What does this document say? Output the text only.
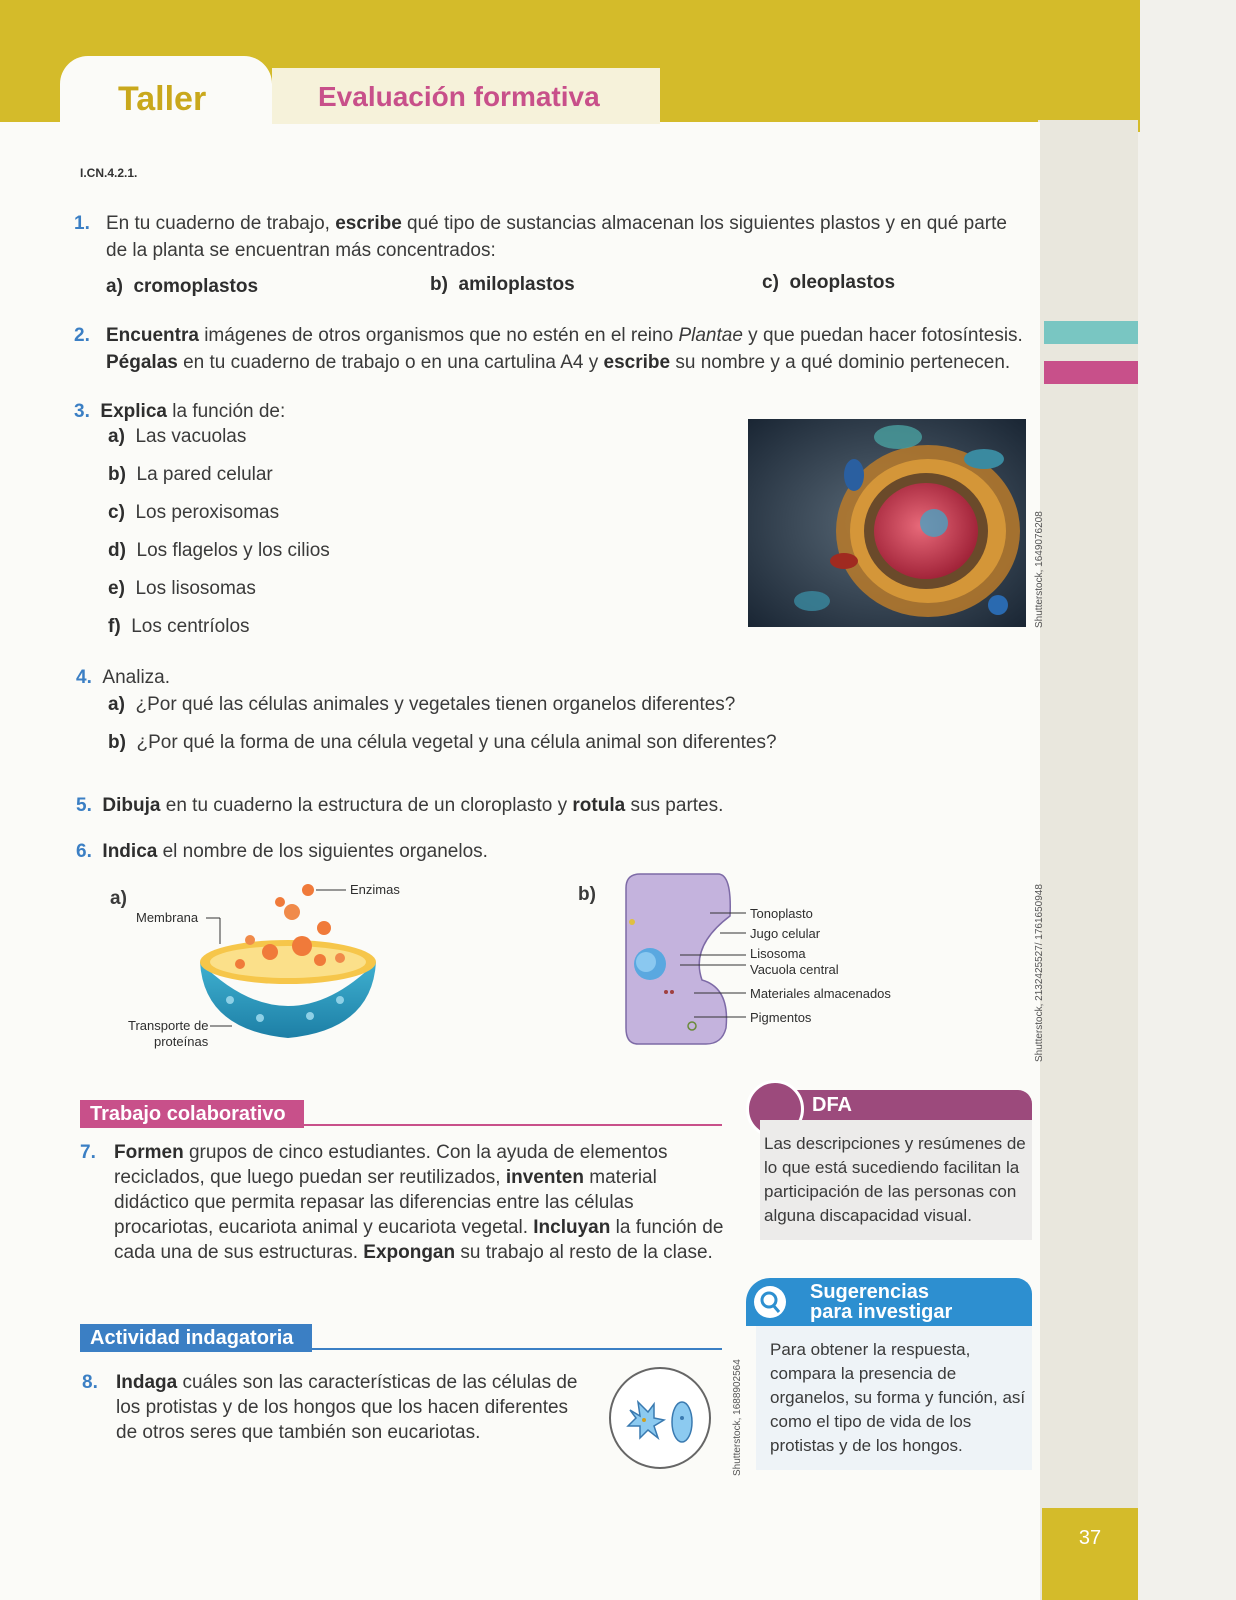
37
Taller	Evaluación formativa
I.CN.4.2.1.
1. En tu cuaderno de trabajo, escribe qué tipo de sustancias almacenan los siguientes plastos y en qué parte de la planta se encuentran más concentrados:
a) cromoplastos	b) amiloplastos	c) oleoplastos
2. Encuentra imágenes de otros organismos que no estén en el reino Plantae y que puedan hacer fotosíntesis. Pégalas en tu cuaderno de trabajo o en una cartulina A4 y escribe su nombre y a qué dominio pertenecen.
3. Explica la función de:
a) Las vacuolas
b) La pared celular
c) Los peroxisomas
d) Los flagelos y los cilios
e) Los lisosomas
f) Los centríolos	Shutterstock, 1649076208
4. Analiza.
a) ¿Por qué las células animales y vegetales tienen organelos diferentes?
b) ¿Por qué la forma de una célula vegetal y una célula animal son diferentes?
5. Dibuja en tu cuaderno la estructura de un cloroplasto y rotula sus partes.
6. Indica el nombre de los siguientes organelos.
a)	b)
Enzimas
Membrana
Transporte de
proteínas
Tonoplasto
Jugo celular
Lisosoma
Vacuola central
Materiales almacenados
Pigmentos	Shutterstock, 2132425527/ 1761650948
Trabajo colaborativo
7. Formen grupos de cinco estudiantes. Con la ayuda de elementos reciclados, que luego puedan ser reutilizados, inventen material didáctico que permita repasar las diferencias entre las células procariotas, eucariota animal y eucariota vegetal. Incluyan la función de cada una de sus estructuras. Expongan su trabajo al resto de la clase.
DFA
Las descripciones y resúmenes de lo que está sucediendo facilitan la participación de las personas con alguna discapacidad visual.
Actividad indagatoria
8. Indaga cuáles son las características de las células de los protistas y de los hongos que los hacen diferentes de otros seres que también son eucariotas.	Shutterstock, 1688902564
Sugerencias
para investigar
Para obtener la respuesta, compara la presencia de organelos, su forma y función, así como el tipo de vida de los protistas y de los hongos.
